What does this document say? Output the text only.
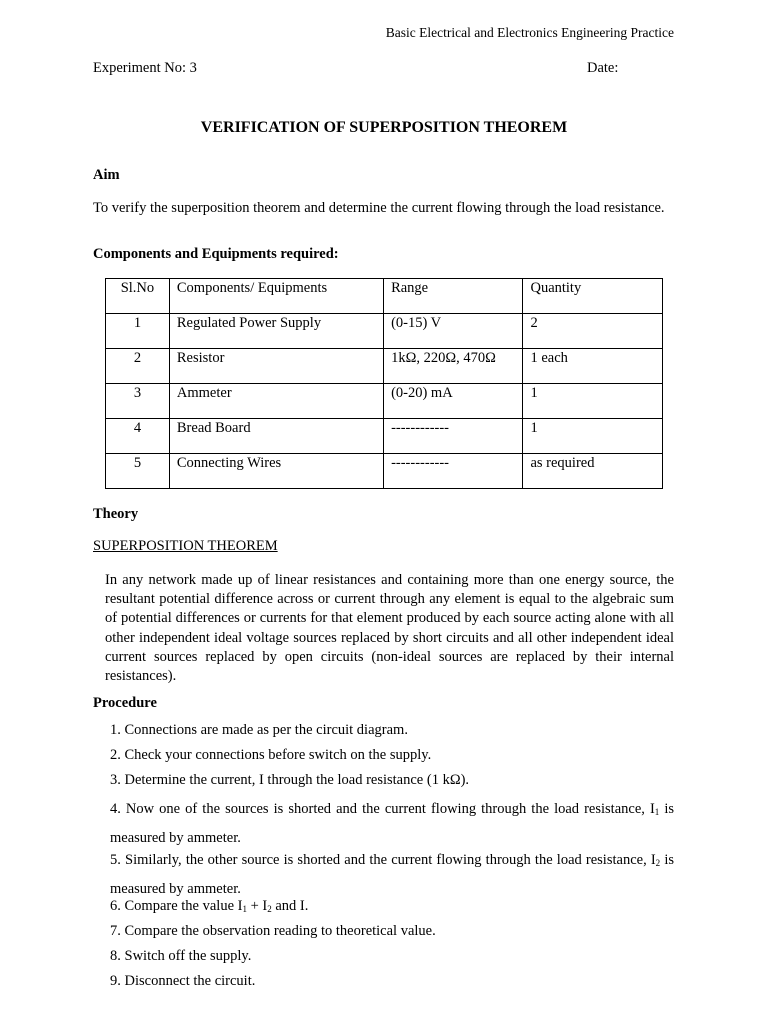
Basic Electrical and Electronics Engineering Practice
Experiment No: 3	Date:
VERIFICATION OF SUPERPOSITION THEOREM
Aim
To verify the superposition theorem and determine the current flowing through the load resistance.
Components and Equipments required:
Sl.No	Components/ Equipments	Range	Quantity
1	Regulated Power Supply	(0-15) V	2
2	Resistor	1kΩ, 220Ω, 470Ω	1 each
3	Ammeter	(0-20) mA	1
4	Bread Board	------------	1
5	Connecting Wires	------------	as required
Theory
SUPERPOSITION THEOREM
In any network made up of linear resistances and containing more than one energy source, the resultant potential difference across or current through any element is equal to the algebraic sum of potential differences or currents for that element produced by each source acting alone with all other independent ideal voltage sources replaced by short circuits and all other independent ideal current sources replaced by open circuits (non-ideal sources are replaced by their internal resistances).
Procedure
1. Connections are made as per the circuit diagram.
2. Check your connections before switch on the supply.
3. Determine the current, I through the load resistance (1 kΩ).
4. Now one of the sources is shorted and the current flowing through the load resistance, $I_1$ is measured by ammeter.
5. Similarly, the other source is shorted and the current flowing through the load resistance, $I_2$ is measured by ammeter.
6. Compare the value $I_1 + I_2$ and I.
7. Compare the observation reading to theoretical value.
8. Switch off the supply.
9. Disconnect the circuit.
